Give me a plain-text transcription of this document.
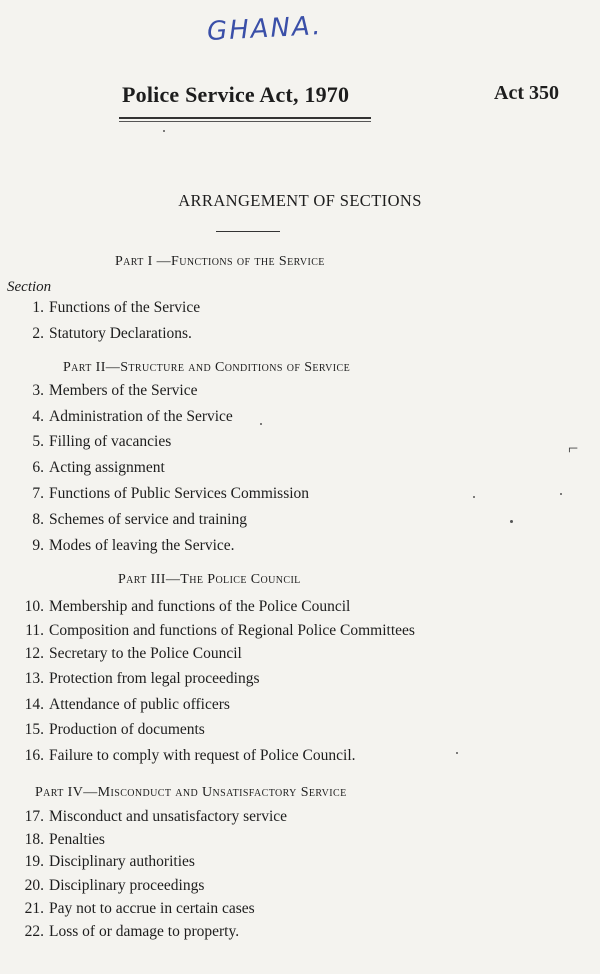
GHANA.
Police Service Act, 1970	Act 350
ARRANGEMENT OF SECTIONS
Part I —Functions of the Service
Section
1. Functions of the Service
2. Statutory Declarations.
Part II—Structure and Conditions of Service
3. Members of the Service
4. Administration of the Service
5. Filling of vacancies
6. Acting assignment
7. Functions of Public Services Commission
8. Schemes of service and training
9. Modes of leaving the Service.
Part III—The Police Council
10. Membership and functions of the Police Council
11. Composition and functions of Regional Police Committees
12. Secretary to the Police Council
13. Protection from legal proceedings
14. Attendance of public officers
15. Production of documents
16. Failure to comply with request of Police Council.
Part IV—Misconduct and Unsatisfactory Service
17. Misconduct and unsatisfactory service
18. Penalties
19. Disciplinary authorities
20. Disciplinary proceedings
21. Pay not to accrue in certain cases
22. Loss of or damage to property.
⌐
